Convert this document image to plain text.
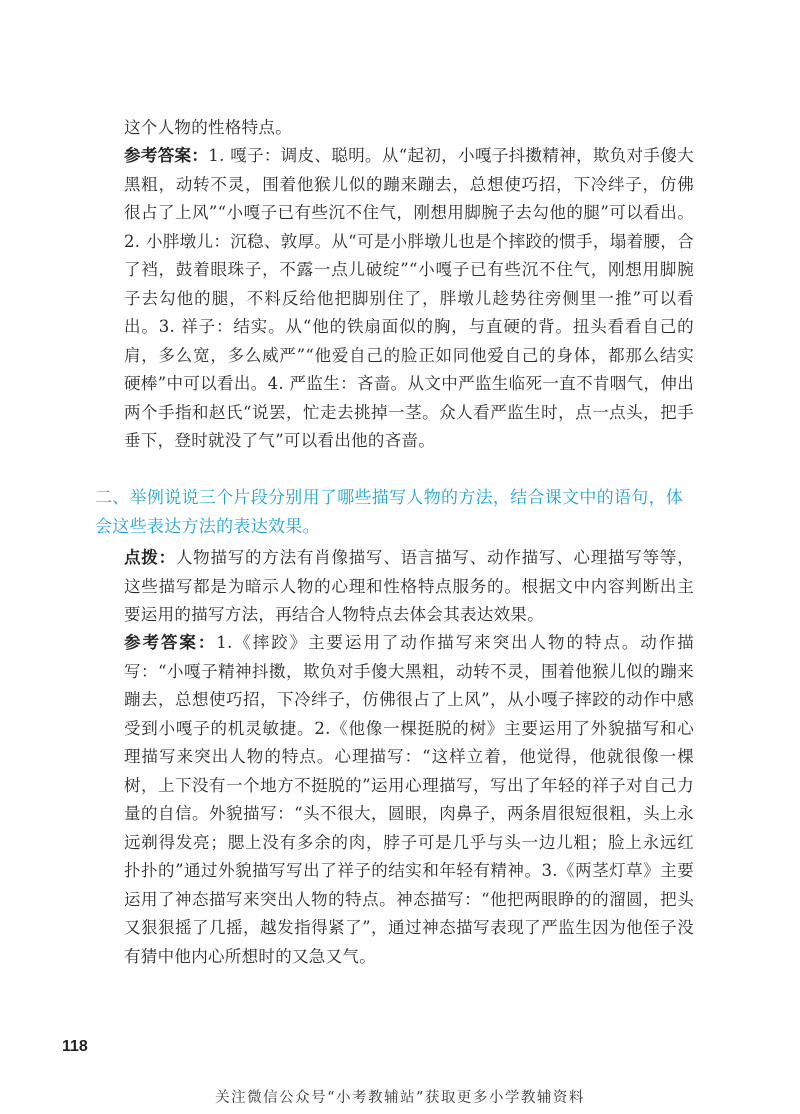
这个人物的性格特点。
参考答案：1. 嘎子：调皮、聪明。从“起初，小嘎子抖擞精神，欺负对手傻大黑粗，动转不灵，围着他猴儿似的蹦来蹦去，总想使巧招，下冷绊子，仿佛很占了上风”“小嘎子已有些沉不住气，刚想用脚腕子去勾他的腿”可以看出。2. 小胖墩儿：沉稳、敦厚。从“可是小胖墩儿也是个摔跤的惯手，塌着腰，合了裆，鼓着眼珠子，不露一点儿破绽”“小嘎子已有些沉不住气，刚想用脚腕子去勾他的腿，不料反给他把脚别住了，胖墩儿趁势往旁侧里一推”可以看出。3. 祥子：结实。从“他的铁扇面似的胸，与直硬的背。扭头看看自己的肩，多么宽，多么威严”“他爱自己的脸正如同他爱自己的身体，都那么结实硬棒”中可以看出。4. 严监生：吝啬。从文中严监生临死一直不肯咽气，伸出两个手指和赵氏“说罢，忙走去挑掉一茎。众人看严监生时，点一点头，把手垂下，登时就没了气”可以看出他的吝啬。
二、举例说说三个片段分别用了哪些描写人物的方法，结合课文中的语句，体会这些表达方法的表达效果。
点拨：人物描写的方法有肖像描写、语言描写、动作描写、心理描写等等，这些描写都是为暗示人物的心理和性格特点服务的。根据文中内容判断出主要运用的描写方法，再结合人物特点去体会其表达效果。
参考答案：1.《摔跤》主要运用了动作描写来突出人物的特点。动作描写：“小嘎子精神抖擞，欺负对手傻大黑粗，动转不灵，围着他猴儿似的蹦来蹦去，总想使巧招，下冷绊子，仿佛很占了上风”，从小嘎子摔跤的动作中感受到小嘎子的机灵敏捷。2.《他像一棵挺脱的树》主要运用了外貌描写和心理描写来突出人物的特点。心理描写：“这样立着，他觉得，他就很像一棵树，上下没有一个地方不挺脱的”运用心理描写，写出了年轻的祥子对自己力量的自信。外貌描写：“头不很大，圆眼，肉鼻子，两条眉很短很粗，头上永远剃得发亮；腮上没有多余的肉，脖子可是几乎与头一边儿粗；脸上永远红扑扑的”通过外貌描写写出了祥子的结实和年轻有精神。3.《两茎灯草》主要运用了神态描写来突出人物的特点。神态描写：“他把两眼睁的的溜圆，把头又狠狠摇了几摇，越发指得紧了”，通过神态描写表现了严监生因为他侄子没有猜中他内心所想时的又急又气。
118
关注微信公众号“小考教辅站”获取更多小学教辅资料
